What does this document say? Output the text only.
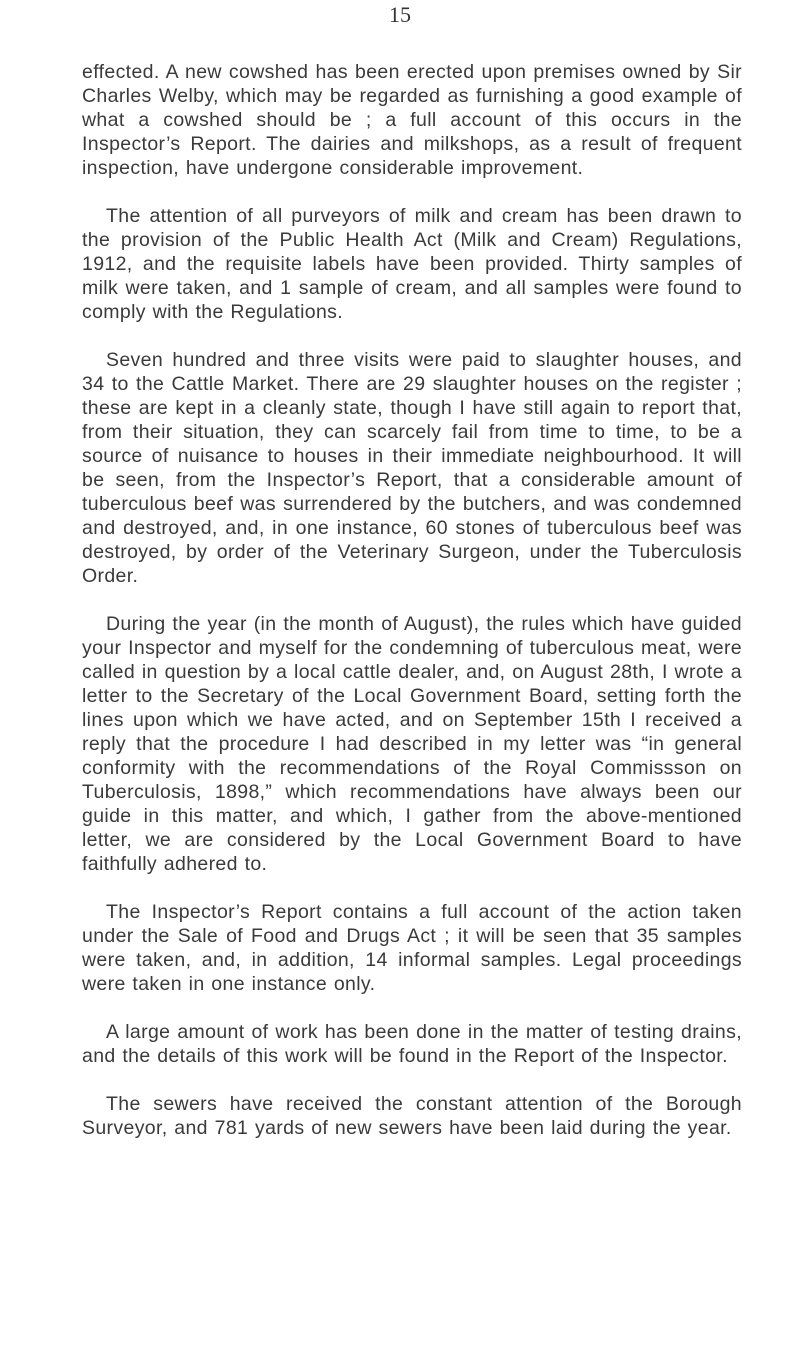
15

effected. A new cowshed has been erected upon premises owned by Sir Charles Welby, which may be regarded as furnishing a good example of what a cowshed should be ; a full account of this occurs in the Inspector’s Report. The dairies and milkshops, as a result of frequent inspection, have undergone considerable improvement.

The attention of all purveyors of milk and cream has been drawn to the provision of the Public Health Act (Milk and Cream) Regulations, 1912, and the requisite labels have been provided. Thirty samples of milk were taken, and 1 sample of cream, and all samples were found to comply with the Regulations.

Seven hundred and three visits were paid to slaughter houses, and 34 to the Cattle Market. There are 29 slaughter houses on the register ; these are kept in a cleanly state, though I have still again to report that, from their situation, they can scarcely fail from time to time, to be a source of nuisance to houses in their immediate neighbourhood. It will be seen, from the Inspector’s Report, that a considerable amount of tuberculous beef was surrendered by the butchers, and was condemned and destroyed, and, in one instance, 60 stones of tuberculous beef was destroyed, by order of the Veterinary Surgeon, under the Tuberculosis Order.

During the year (in the month of August), the rules which have guided your Inspector and myself for the condemning of tuberculous meat, were called in question by a local cattle dealer, and, on August 28th, I wrote a letter to the Secretary of the Local Government Board, setting forth the lines upon which we have acted, and on September 15th I received a reply that the procedure I had described in my letter was “in general conformity with the recommendations of the Royal Commissson on Tuberculosis, 1898,” which recommendations have always been our guide in this matter, and which, I gather from the above-mentioned letter, we are considered by the Local Government Board to have faithfully adhered to.

The Inspector’s Report contains a full account of the action taken under the Sale of Food and Drugs Act ; it will be seen that 35 samples were taken, and, in addition, 14 informal samples. Legal proceedings were taken in one instance only.

A large amount of work has been done in the matter of testing drains, and the details of this work will be found in the Report of the Inspector.

The sewers have received the constant attention of the Borough Surveyor, and 781 yards of new sewers have been laid during the year.
